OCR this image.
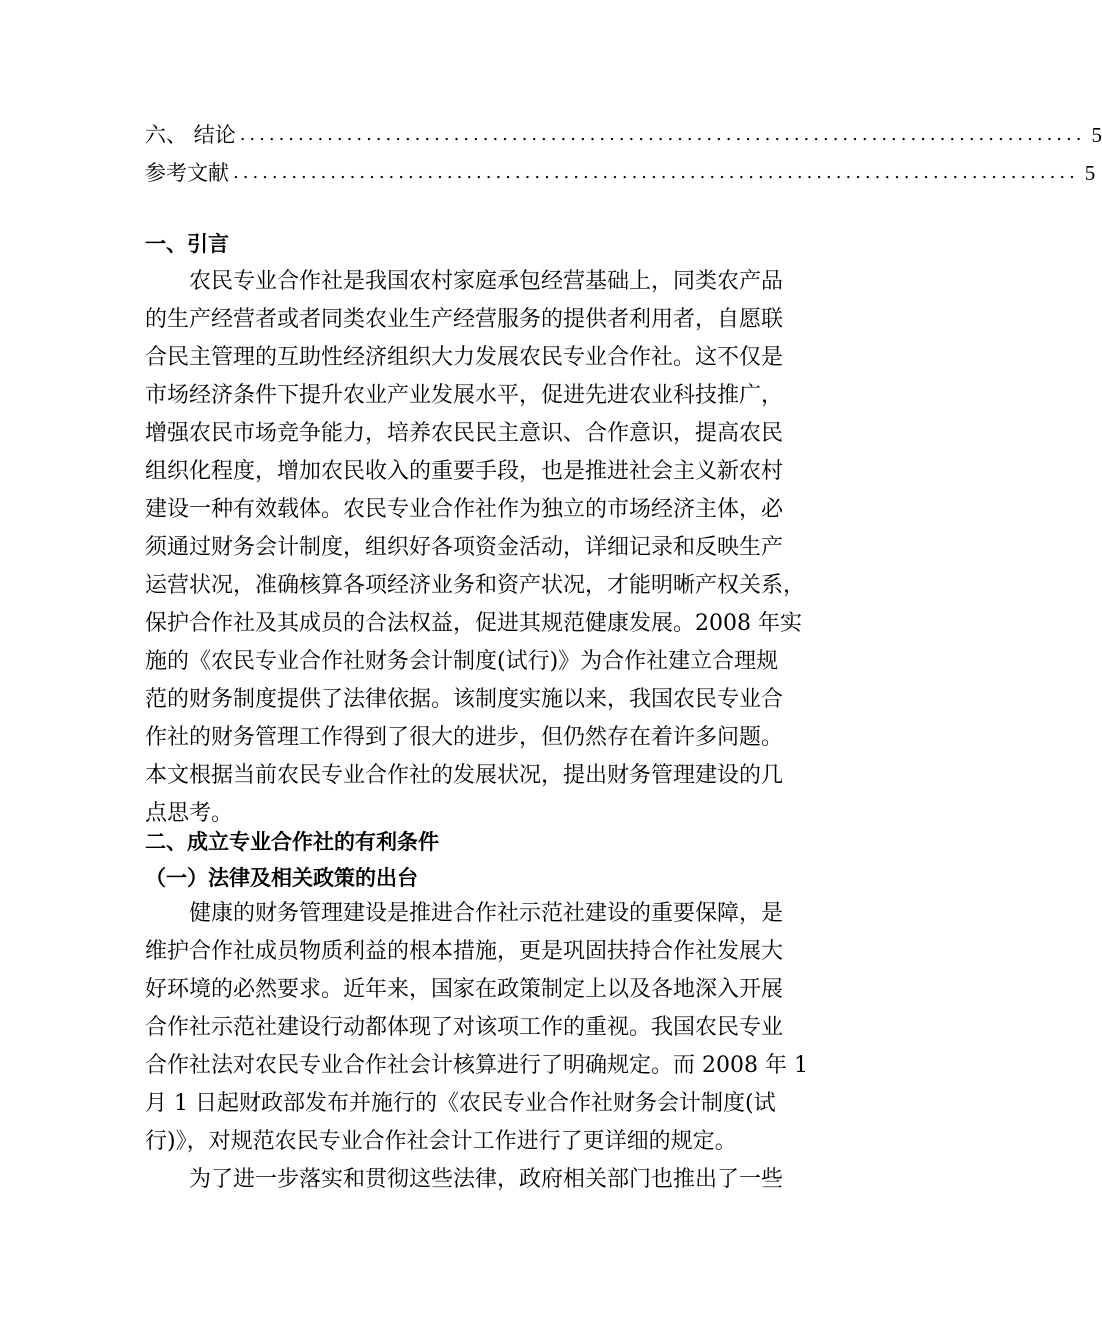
六、 结论 ....................................................................................... 5
参考文献 ....................................................................................... 5
一、引言
农民专业合作社是我国农村家庭承包经营基础上，同类农产品
的生产经营者或者同类农业生产经营服务的提供者利用者，自愿联
合民主管理的互助性经济组织大力发展农民专业合作社。这不仅是
市场经济条件下提升农业产业发展水平，促进先进农业科技推广，
增强农民市场竞争能力，培养农民民主意识、合作意识，提高农民
组织化程度，增加农民收入的重要手段，也是推进社会主义新农村
建设一种有效载体。农民专业合作社作为独立的市场经济主体，必
须通过财务会计制度，组织好各项资金活动，详细记录和反映生产
运营状况，准确核算各项经济业务和资产状况，才能明晰产权关系，
保护合作社及其成员的合法权益，促进其规范健康发展。2008 年实
施的《农民专业合作社财务会计制度(试行)》为合作社建立合理规
范的财务制度提供了法律依据。该制度实施以来，我国农民专业合
作社的财务管理工作得到了很大的进步，但仍然存在着许多问题。
本文根据当前农民专业合作社的发展状况，提出财务管理建设的几
点思考。
二、成立专业合作社的有利条件
（一）法律及相关政策的出台
健康的财务管理建设是推进合作社示范社建设的重要保障，是
维护合作社成员物质利益的根本措施，更是巩固扶持合作社发展大
好环境的必然要求。近年来，国家在政策制定上以及各地深入开展
合作社示范社建设行动都体现了对该项工作的重视。我国农民专业
合作社法对农民专业合作社会计核算进行了明确规定。而 2008 年 1
月 1 日起财政部发布并施行的《农民专业合作社财务会计制度(试
行)》，对规范农民专业合作社会计工作进行了更详细的规定。
为了进一步落实和贯彻这些法律，政府相关部门也推出了一些
